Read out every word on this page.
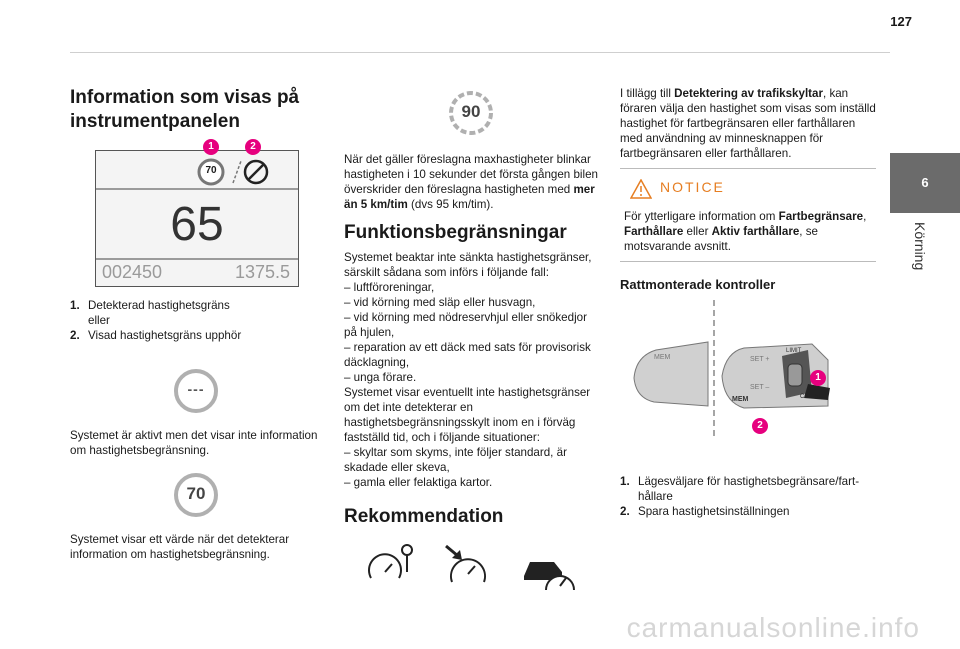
127
6
Körning
Information som visas på
instrumentpanelen
70
65
002450	1375.5
1	2
1. Detekterad hastighetsgräns
eller
2. Visad hastighetsgräns upphör
---
Systemet är aktivt men det visar inte information om hastighetsbegränsning.
70
Systemet visar ett värde när det detekterar information om hastighetsbegränsning.
90
När det gäller föreslagna maxhastigheter blinkar hastigheten i 10 sekunder det första gången bilen överskrider den föreslagna hastigheten med mer än 5 km/tim (dvs 95 km/tim).
Funktionsbegränsningar
Systemet beaktar inte sänkta hastighetsgränser, särskilt sådana som införs i följande fall:
– luftföroreningar,
– vid körning med släp eller husvagn,
– vid körning med nödreservhjul eller snökedjor
på hjulen,
– reparation av ett däck med sats för provisorisk
däcklagning,
– unga förare.
Systemet visar eventuellt inte hastighetsgränser om det inte detekterar en hastighetsbegränsningsskylt inom en i förväg fastställd tid, och i följande situationer:
– skyltar som skyms, inte följer standard, är
skadade eller skeva,
– gamla eller felaktiga kartor.
Rekommendation
I tillägg till Detektering av trafikskyltar, kan föraren välja den hastighet som visas som inställd hastighet för fartbegränsaren eller farthållaren med användning av minnesknappen för fartbegränsaren eller farthållaren.
NOTICE
För ytterligare information om Fartbegränsare, Farthållare eller Aktiv farthållare, se motsvarande avsnitt.
Rattmonterade kontroller
MEM	SET +
SET –
LIMIT
CRUISE
MEM
1
2
1. Lägesväljare för hastighetsbegränsare/fart-
hållare
2. Spara hastighetsinställningen
carmanualsonline.info
